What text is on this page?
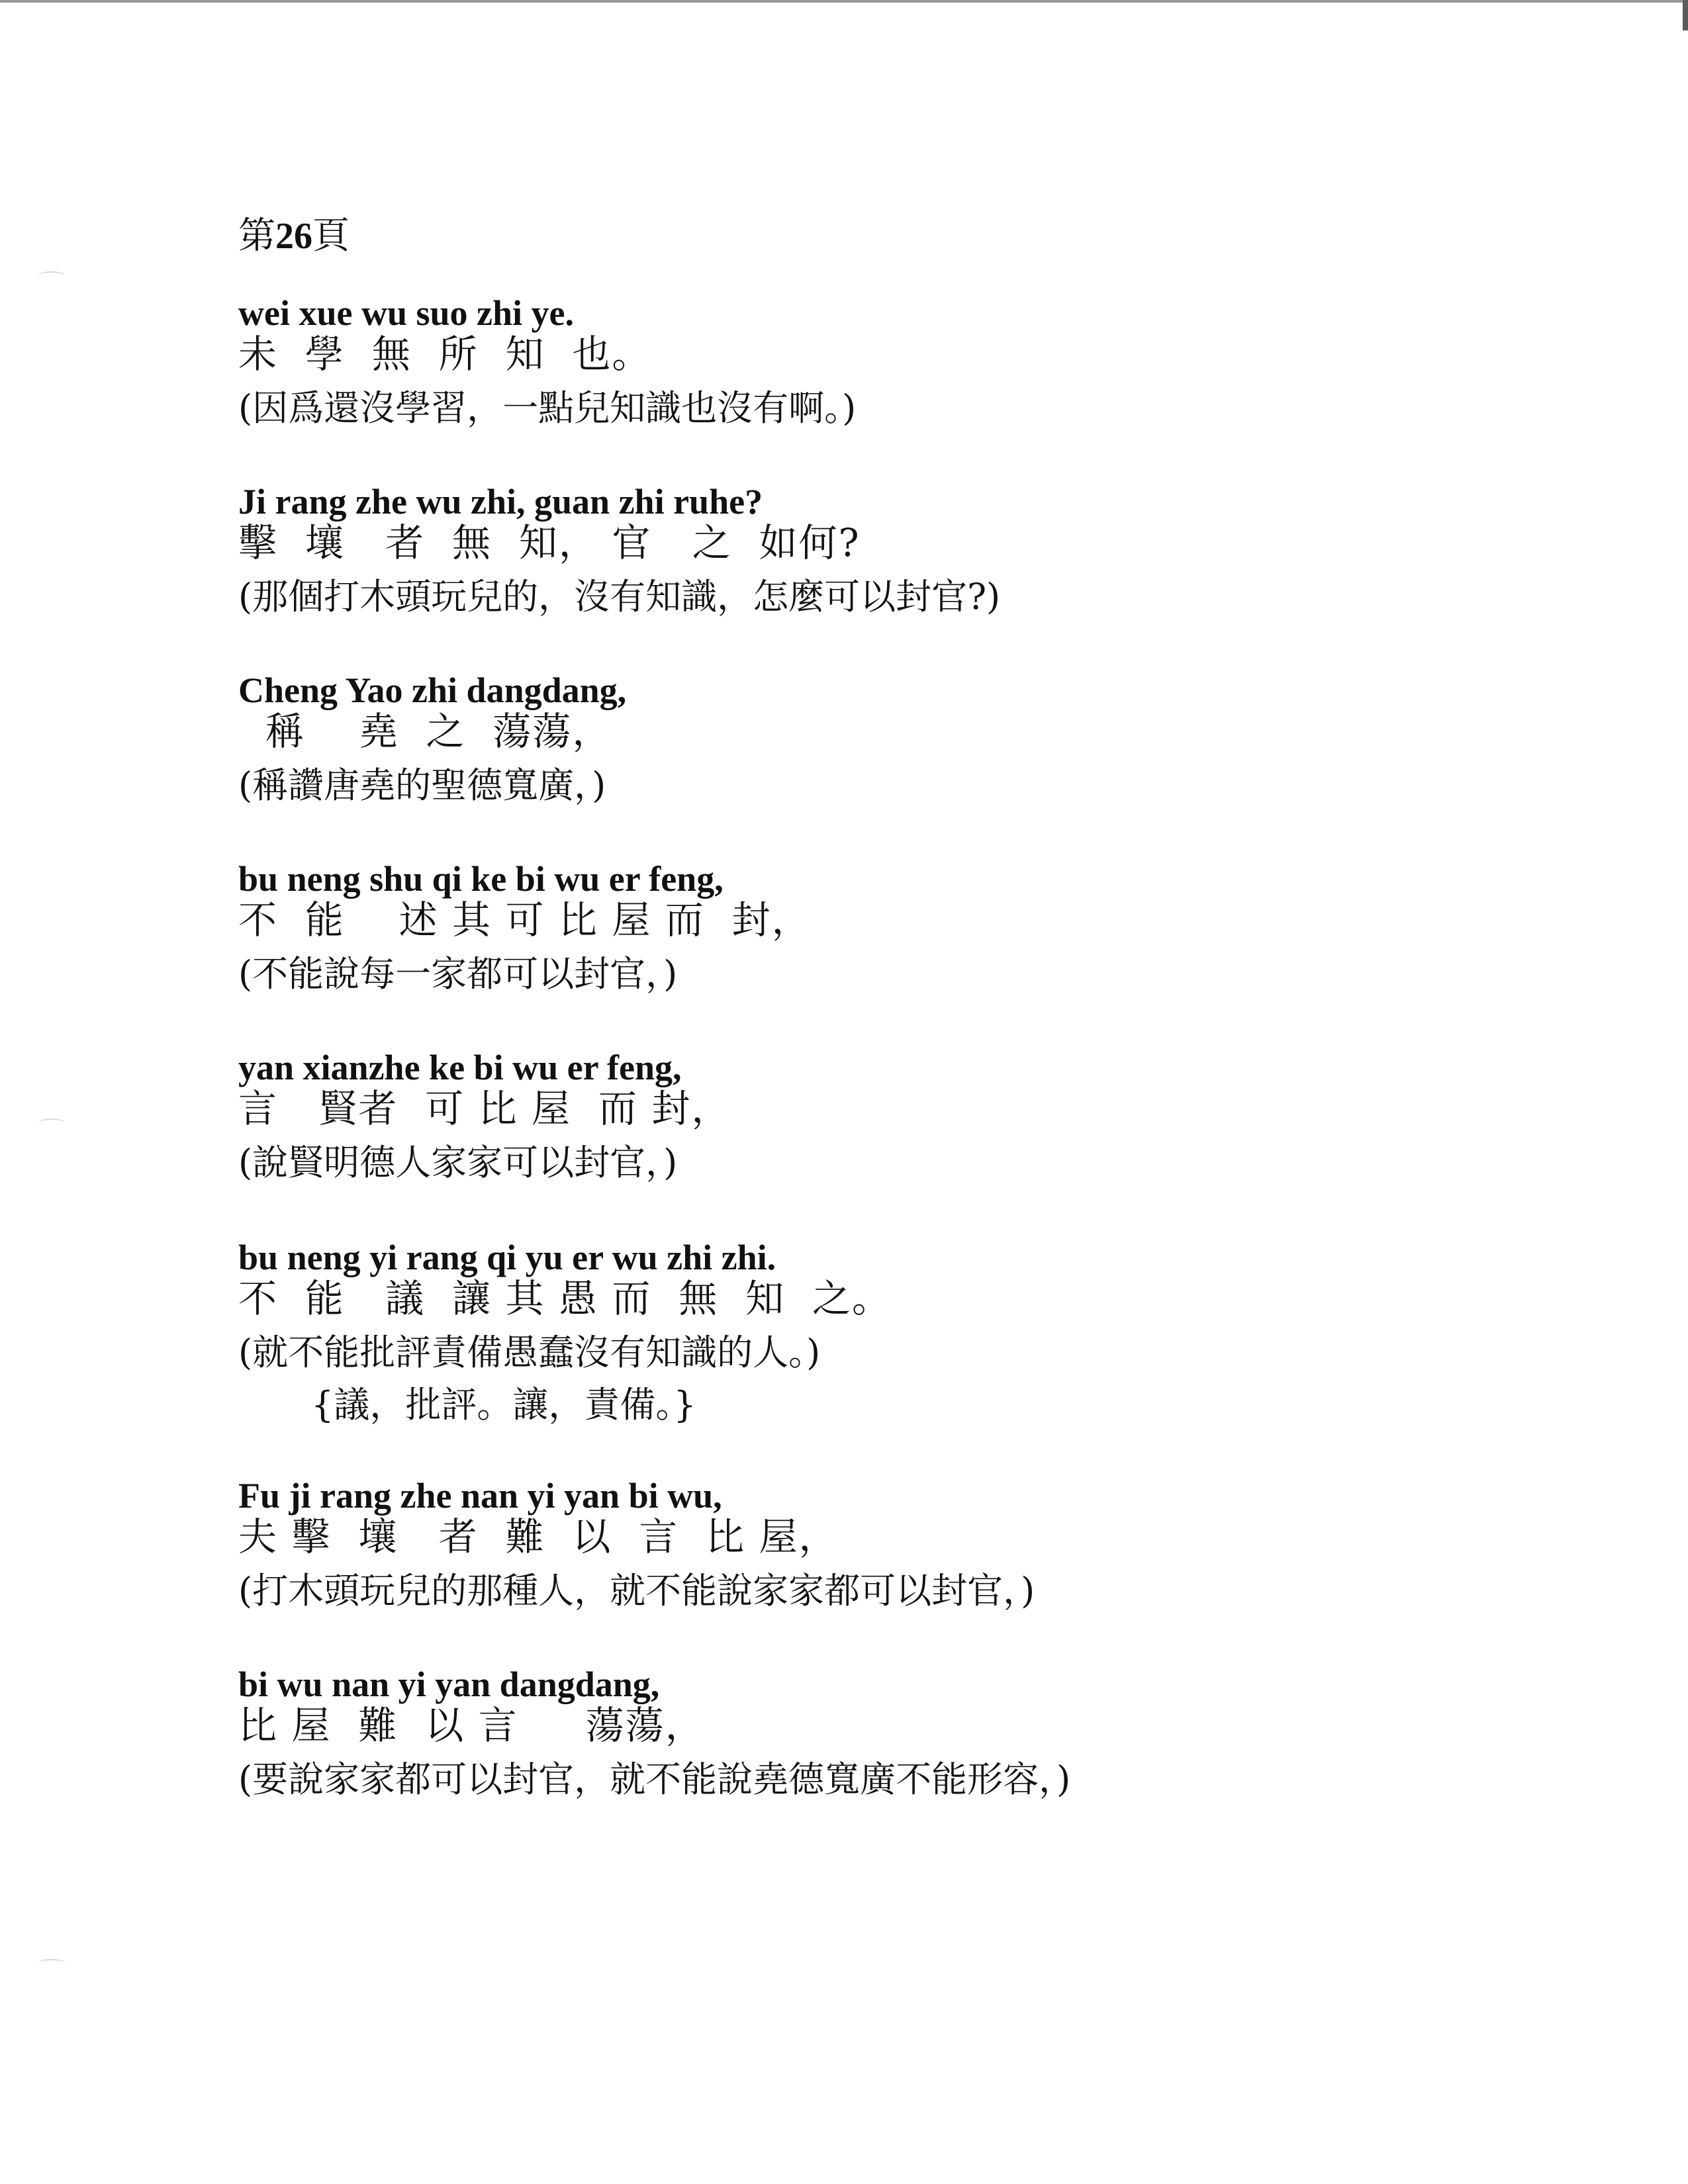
第26頁
wei xue wu suo zhi ye.
未  學  無  所  知  也。
(因爲還沒學習，一點兒知識也沒有啊。)
Ji rang zhe wu zhi, guan zhi ruhe?
擊  壤   者  無  知， 官   之  如何?
(那個打木頭玩兒的，沒有知識，怎麼可以封官?)
Cheng Yao zhi dangdang,
稱    堯  之  蕩蕩，
(稱讚唐堯的聖德寬廣，)
bu neng shu qi ke bi wu er feng,
不  能    述 其 可 比 屋 而  封，
(不能說每一家都可以封官，)
yan xianzhe ke bi wu er feng,
言   賢者  可 比 屋  而 封，
(說賢明德人家家可以封官，)
bu neng yi rang qi yu er wu zhi zhi.
不  能   議  讓 其 愚 而  無  知  之。
(就不能批評責備愚蠢沒有知識的人。)
{議，批評。讓，責備。}
Fu ji rang zhe nan yi yan bi wu,
夫 擊  壤   者  難  以  言  比 屋，
(打木頭玩兒的那種人，就不能說家家都可以封官，)
bi wu nan yi yan dangdang,
比 屋  難  以 言     蕩蕩，
(要說家家都可以封官，就不能說堯德寬廣不能形容，)
